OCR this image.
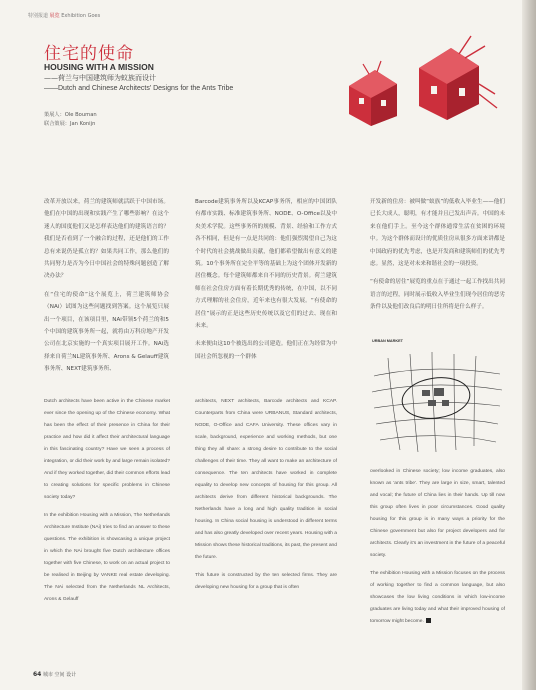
特別报道 展览 Exhibition Goes
住宅的使命
HOUSING WITH A MISSION
——荷兰与中国建筑师为蚁族而设计
——Dutch and Chinese Architects' Designs for the Ants Tribe
策展人：Ole Bouman
联合策展：Jan Konijn

改革开放以来，荷兰的建筑师就活跃于中国市场。他们在中国的出现和实践产生了哪些影响？在这个迷人的国度他们又是怎样表达他们的建筑语言的？我们是否看到了一个融合的过程，还是他们的工作总有来说仍是孤立的？如果共同工作，那么他们的共同努力是否为今日中国社会的特殊问题创造了解决办法？

在“住宅的使命”这个展览上，荷兰建筑师协会（NAi）试图为这些问题找到答案。这个展览只展出一个项目，在该项目里，NAi带领5个荷兰的和5个中国的建筑事务所一起，就将由万科房地产开发公司在北京实施的一个真实项目展开工作。NAi选择来自荷兰NL建筑事务所、Arons & Gelauff建筑事务所、NEXT建筑事务所、

Barcode建筑事务所以及KCAP事务所，相应的中国团队有都市实践、标准建筑事务所、NODE、O-Office以及中央美术学院。这些事务所的规模、背景、经验和工作方式各不相同，但是有一点是共同的：他们强烈渴望自己为这个时代的社会挑战做出贡献，他们都希望做出有意义的建筑。10个事务所在完全平等的基础上为这个团体开发新的居住概念。每个建筑师都来自不同的历史背景。荷兰建筑师在社会住房方面有着长期优秀的传统，在中国，以不同方式理解的社会住房，近年来也有很大发展。“有使命的居住”展示的正是这些历史传统以及它们的过去、现在和未来。

未来便由这10个被选出的公司建造。他们正在为经常为中国社会所忽视的一个群体

开发新的住房：被叫做“蚁族”的低收入毕业生——他们已长大成人，聪明，有才能并且已发出声音。中国的未来在他们手上。至今这个群体通常生活在贫困的环境中。为这个群体而设计的优质住房从很多方面来讲都是中国政府的优先考虑，也是开发商和建筑师们的优先考虑。显然，这是对未来和谐社会的一项投资。

“有使命的居住”展览的重点在于通过一起工作找出共同语言的过程，同时展示低收入毕业生们现今居住的恶劣条件以及他们改良后的明日住所将是什么样子。

URBAN MARKET

Dutch architects have been active in the Chinese market ever since the opening up of the Chinese economy. What has been the effect of their presence in China for their practice and how did it affect their architectural language in this fascinating country? Have we seen a process of integration, or did their work by and large remain isolated? And if they worked together, did their common efforts lead to creating solutions for specific problems in Chinese society today?

In the exhibition Housing with a Mission, The Netherlands Architecture Institute (NAi) tries to find an answer to these questions. The exhibition is showcasing a unique project in which the NAi brought five Dutch architecture offices together with five Chinese, to work on an actual project to be realised in Beijing by VANKE real estate developing. The NAi selected from the Netherlands NL Architects, Arons & Gelauff

architects, NEXT architects, Barcode architects and KCAP. Counterparts from China were URBANUS, Standard architects, NODE, O-Office and CAFA University. These offices vary in scale, background, experience and working methods, but one thing they all share: a strong desire to contribute to the social challenges of their time. They all want to make an architecture of consequence. The ten architects have worked in complete equality to develop new concepts of housing for this group. All architects derive from different historical backgrounds. The Netherlands have a long and high quality tradition in social housing. In China social housing is understood in different terms and has also greatly developed over recent years. Housing with a Mission shows these historical traditions, its past, the present and the future.

This future is constructed by the ten selected firms. They are developing new housing for a group that is often

overlooked in Chinese society; low income graduates, also known as 'ants tribe'. They are large in size, smart, talented and vocal; the future of China lies in their hands. Up till now this group often lives in poor circumstances. Good quality housing for this group is in many ways a priority for the Chinese government but also for project developers and for architects. Clearly it's an investment in the future of a peaceful society.

The exhibition Housing with a Mission focuses on the process of working together to find a common language, but also showcases the low living conditions in which low-income graduates are living today and what their improved housing of tomorrow might become.

64 城市 空间 设计
